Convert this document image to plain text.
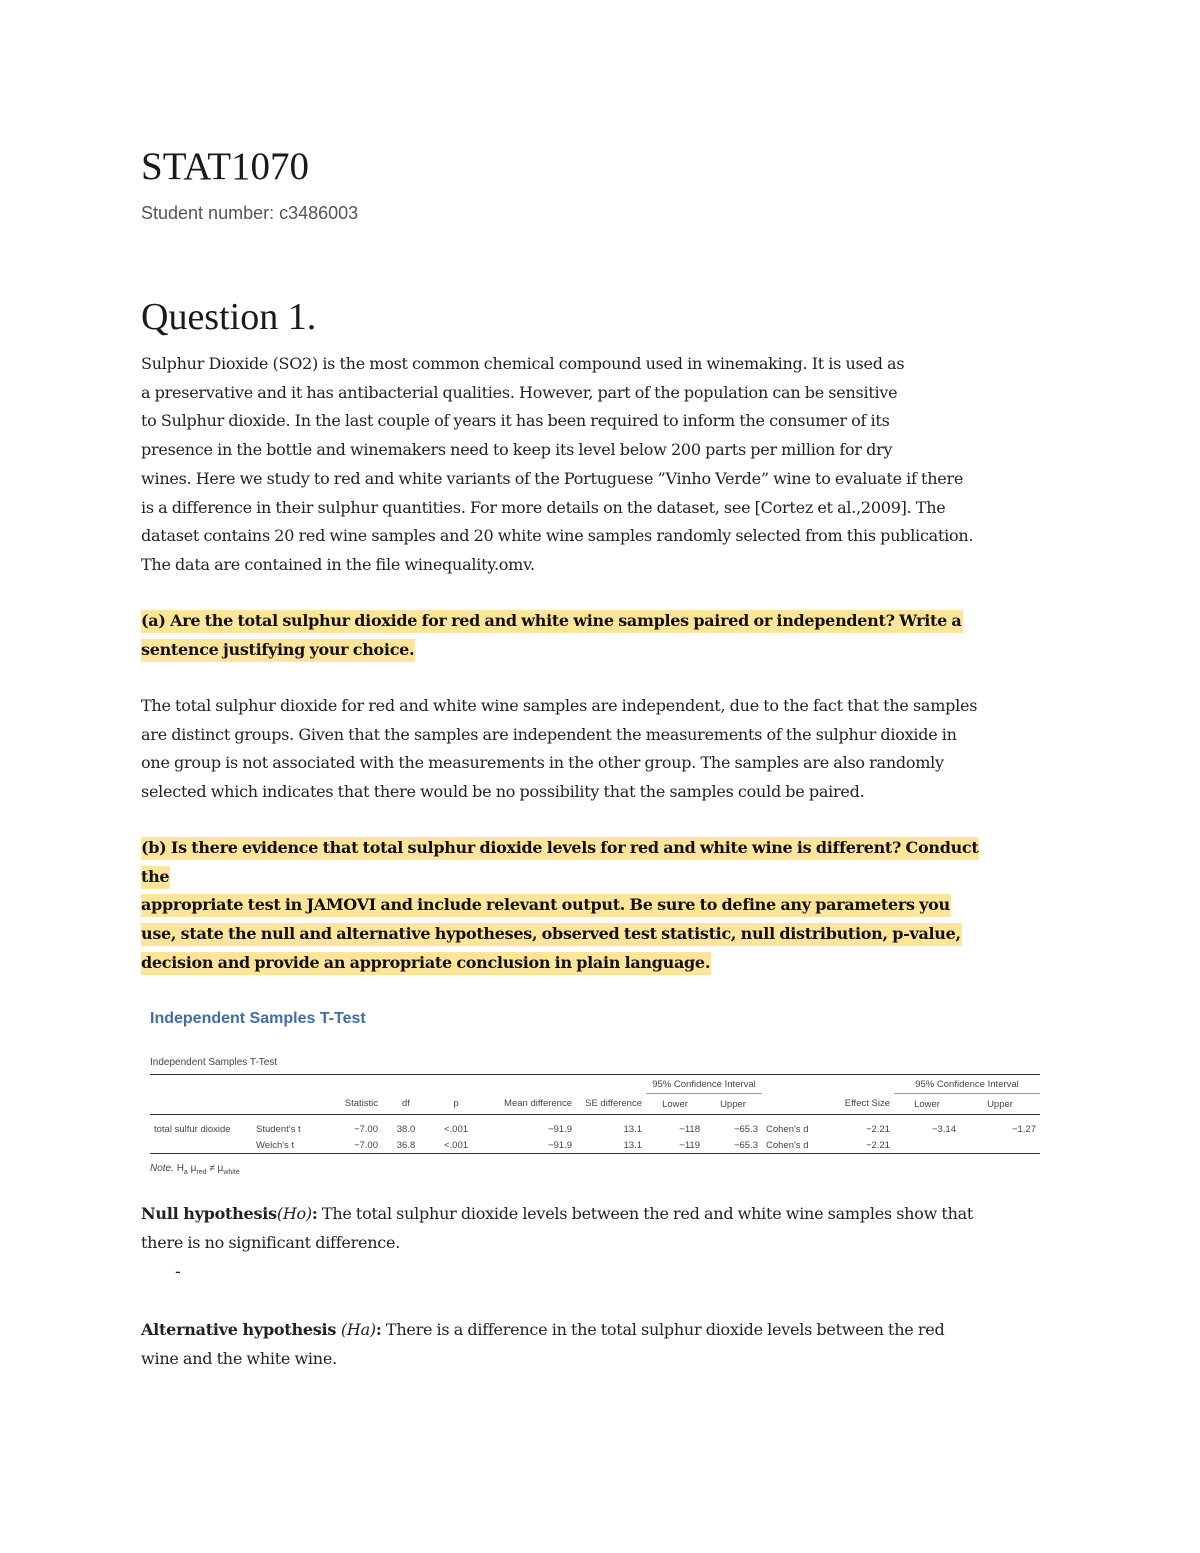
STAT1070
Student number: c3486003
Question 1.
Sulphur Dioxide (SO2) is the most common chemical compound used in winemaking. It is used as
a preservative and it has antibacterial qualities. However, part of the population can be sensitive
to Sulphur dioxide. In the last couple of years it has been required to inform the consumer of its
presence in the bottle and winemakers need to keep its level below 200 parts per million for dry
wines. Here we study to red and white variants of the Portuguese ”Vinho Verde” wine to evaluate if there
is a difference in their sulphur quantities. For more details on the dataset, see [Cortez et al.,2009]. The
dataset contains 20 red wine samples and 20 white wine samples randomly selected from this publication.
The data are contained in the file winequality.omv.
(a) Are the total sulphur dioxide for red and white wine samples paired or independent? Write a
sentence justifying your choice.
The total sulphur dioxide for red and white wine samples are independent, due to the fact that the samples
are distinct groups. Given that the samples are independent the measurements of the sulphur dioxide in
one group is not associated with the measurements in the other group. The samples are also randomly
selected which indicates that there would be no possibility that the samples could be paired.
(b) Is there evidence that total sulphur dioxide levels for red and white wine is different? Conduct
the
appropriate test in JAMOVI and include relevant output. Be sure to define any parameters you
use, state the null and alternative hypotheses, observed test statistic, null distribution, p-value,
decision and provide an appropriate conclusion in plain language.
Null hypothesis(Ho): The total sulphur dioxide levels between the red and white wine samples show that
there is no significant difference.
Alternative hypothesis (Ha): There is a difference in the total sulphur dioxide levels between the red
wine and the white wine.
-
Independent Samples T-Test
Independent Samples T-Test
							95% Confidence Interval				95% Confidence Interval	
		Statistic	df	p	Mean difference	SE difference	Lower	Upper		Effect Size	Lower	Upper
total sulfur dioxide	Student's t	−7.00	38.0	<.001	−91.9	13.1	−118	−65.3	Cohen's d	−2.21	−3.14	−1.27
	Welch's t	−7.00	36.8	<.001	−91.9	13.1	−119	−65.3	Cohen's d	−2.21		
Note. $H_a$ $\mu_{red} \ne \mu_{white}$
